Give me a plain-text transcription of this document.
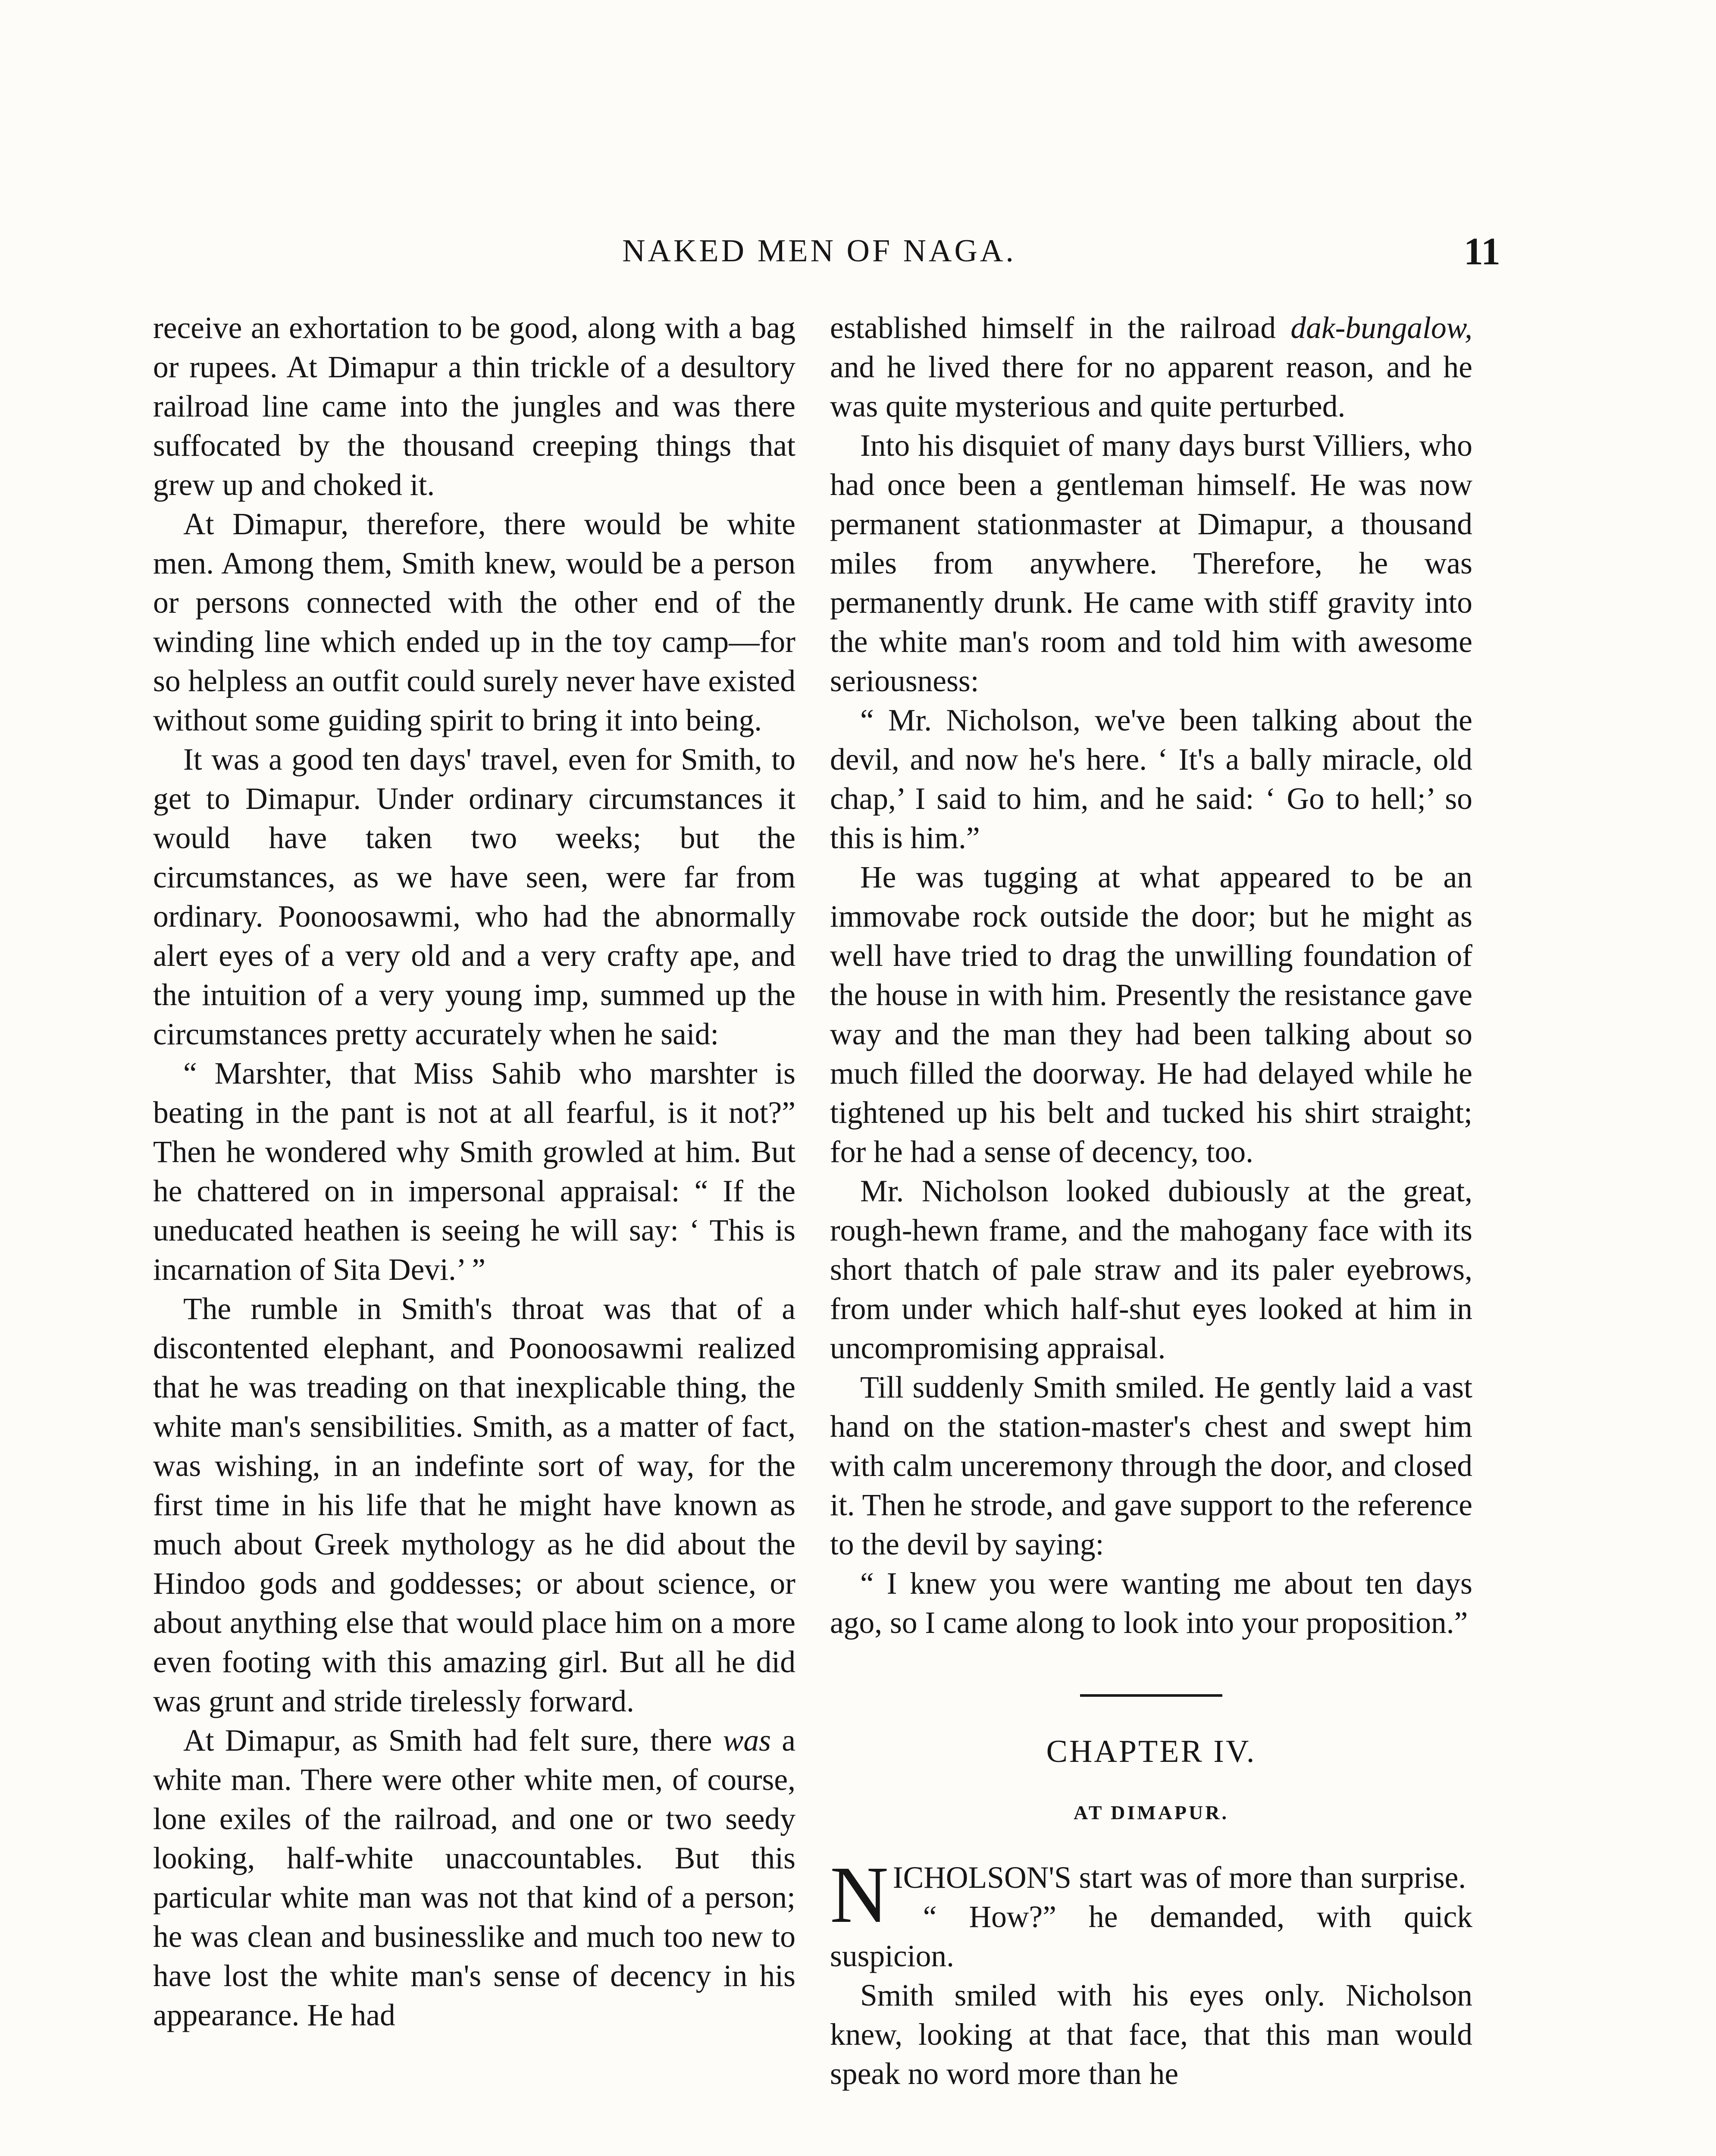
NAKED MEN OF NAGA.	11

receive an exhortation to be good, along with a bag or rupees. At Dimapur a thin trickle of a desultory railroad line came into the jungles and was there suffocated by the thousand creeping things that grew up and choked it.

At Dimapur, therefore, there would be white men. Among them, Smith knew, would be a person or persons connected with the other end of the winding line which ended up in the toy camp—for so helpless an outfit could surely never have existed without some guiding spirit to bring it into being.

It was a good ten days' travel, even for Smith, to get to Dimapur. Under ordinary circumstances it would have taken two weeks; but the circumstances, as we have seen, were far from ordinary. Poonoosawmi, who had the abnormally alert eyes of a very old and a very crafty ape, and the intuition of a very young imp, summed up the circumstances pretty accurately when he said:

“ Marshter, that Miss Sahib who marshter is beating in the pant is not at all fearful, is it not?” Then he wondered why Smith growled at him. But he chattered on in impersonal appraisal: “ If the uneducated heathen is seeing he will say: ‘ This is incarnation of Sita Devi.’ ”

The rumble in Smith's throat was that of a discontented elephant, and Poonoosawmi realized that he was treading on that inexplicable thing, the white man's sensibilities. Smith, as a matter of fact, was wishing, in an indefinte sort of way, for the first time in his life that he might have known as much about Greek mythology as he did about the Hindoo gods and goddesses; or about science, or about anything else that would place him on a more even footing with this amazing girl. But all he did was grunt and stride tirelessly forward.

At Dimapur, as Smith had felt sure, there was a white man. There were other white men, of course, lone exiles of the railroad, and one or two seedy looking, half-white unaccountables. But this particular white man was not that kind of a person; he was clean and businesslike and much too new to have lost the white man's sense of decency in his appearance. He had

established himself in the railroad dak-bungalow, and he lived there for no apparent reason, and he was quite mysterious and quite perturbed.

Into his disquiet of many days burst Villiers, who had once been a gentleman himself. He was now permanent stationmaster at Dimapur, a thousand miles from anywhere. Therefore, he was permanently drunk. He came with stiff gravity into the white man's room and told him with awesome seriousness:

“ Mr. Nicholson, we've been talking about the devil, and now he's here. ‘ It's a bally miracle, old chap,’ I said to him, and he said: ‘ Go to hell;’ so this is him.”

He was tugging at what appeared to be an immovabe rock outside the door; but he might as well have tried to drag the unwilling foundation of the house in with him. Presently the resistance gave way and the man they had been talking about so much filled the doorway. He had delayed while he tightened up his belt and tucked his shirt straight; for he had a sense of decency, too.

Mr. Nicholson looked dubiously at the great, rough-hewn frame, and the mahogany face with its short thatch of pale straw and its paler eyebrows, from under which half-shut eyes looked at him in uncompromising appraisal.

Till suddenly Smith smiled. He gently laid a vast hand on the station-master's chest and swept him with calm unceremony through the door, and closed it. Then he strode, and gave support to the reference to the devil by saying:

“ I knew you were wanting me about ten days ago, so I came along to look into your proposition.”

CHAPTER IV.
AT DIMAPUR.

NICHOLSON'S start was of more than surprise.

“ How?” he demanded, with quick suspicion.

Smith smiled with his eyes only. Nicholson knew, looking at that face, that this man would speak no word more than he
